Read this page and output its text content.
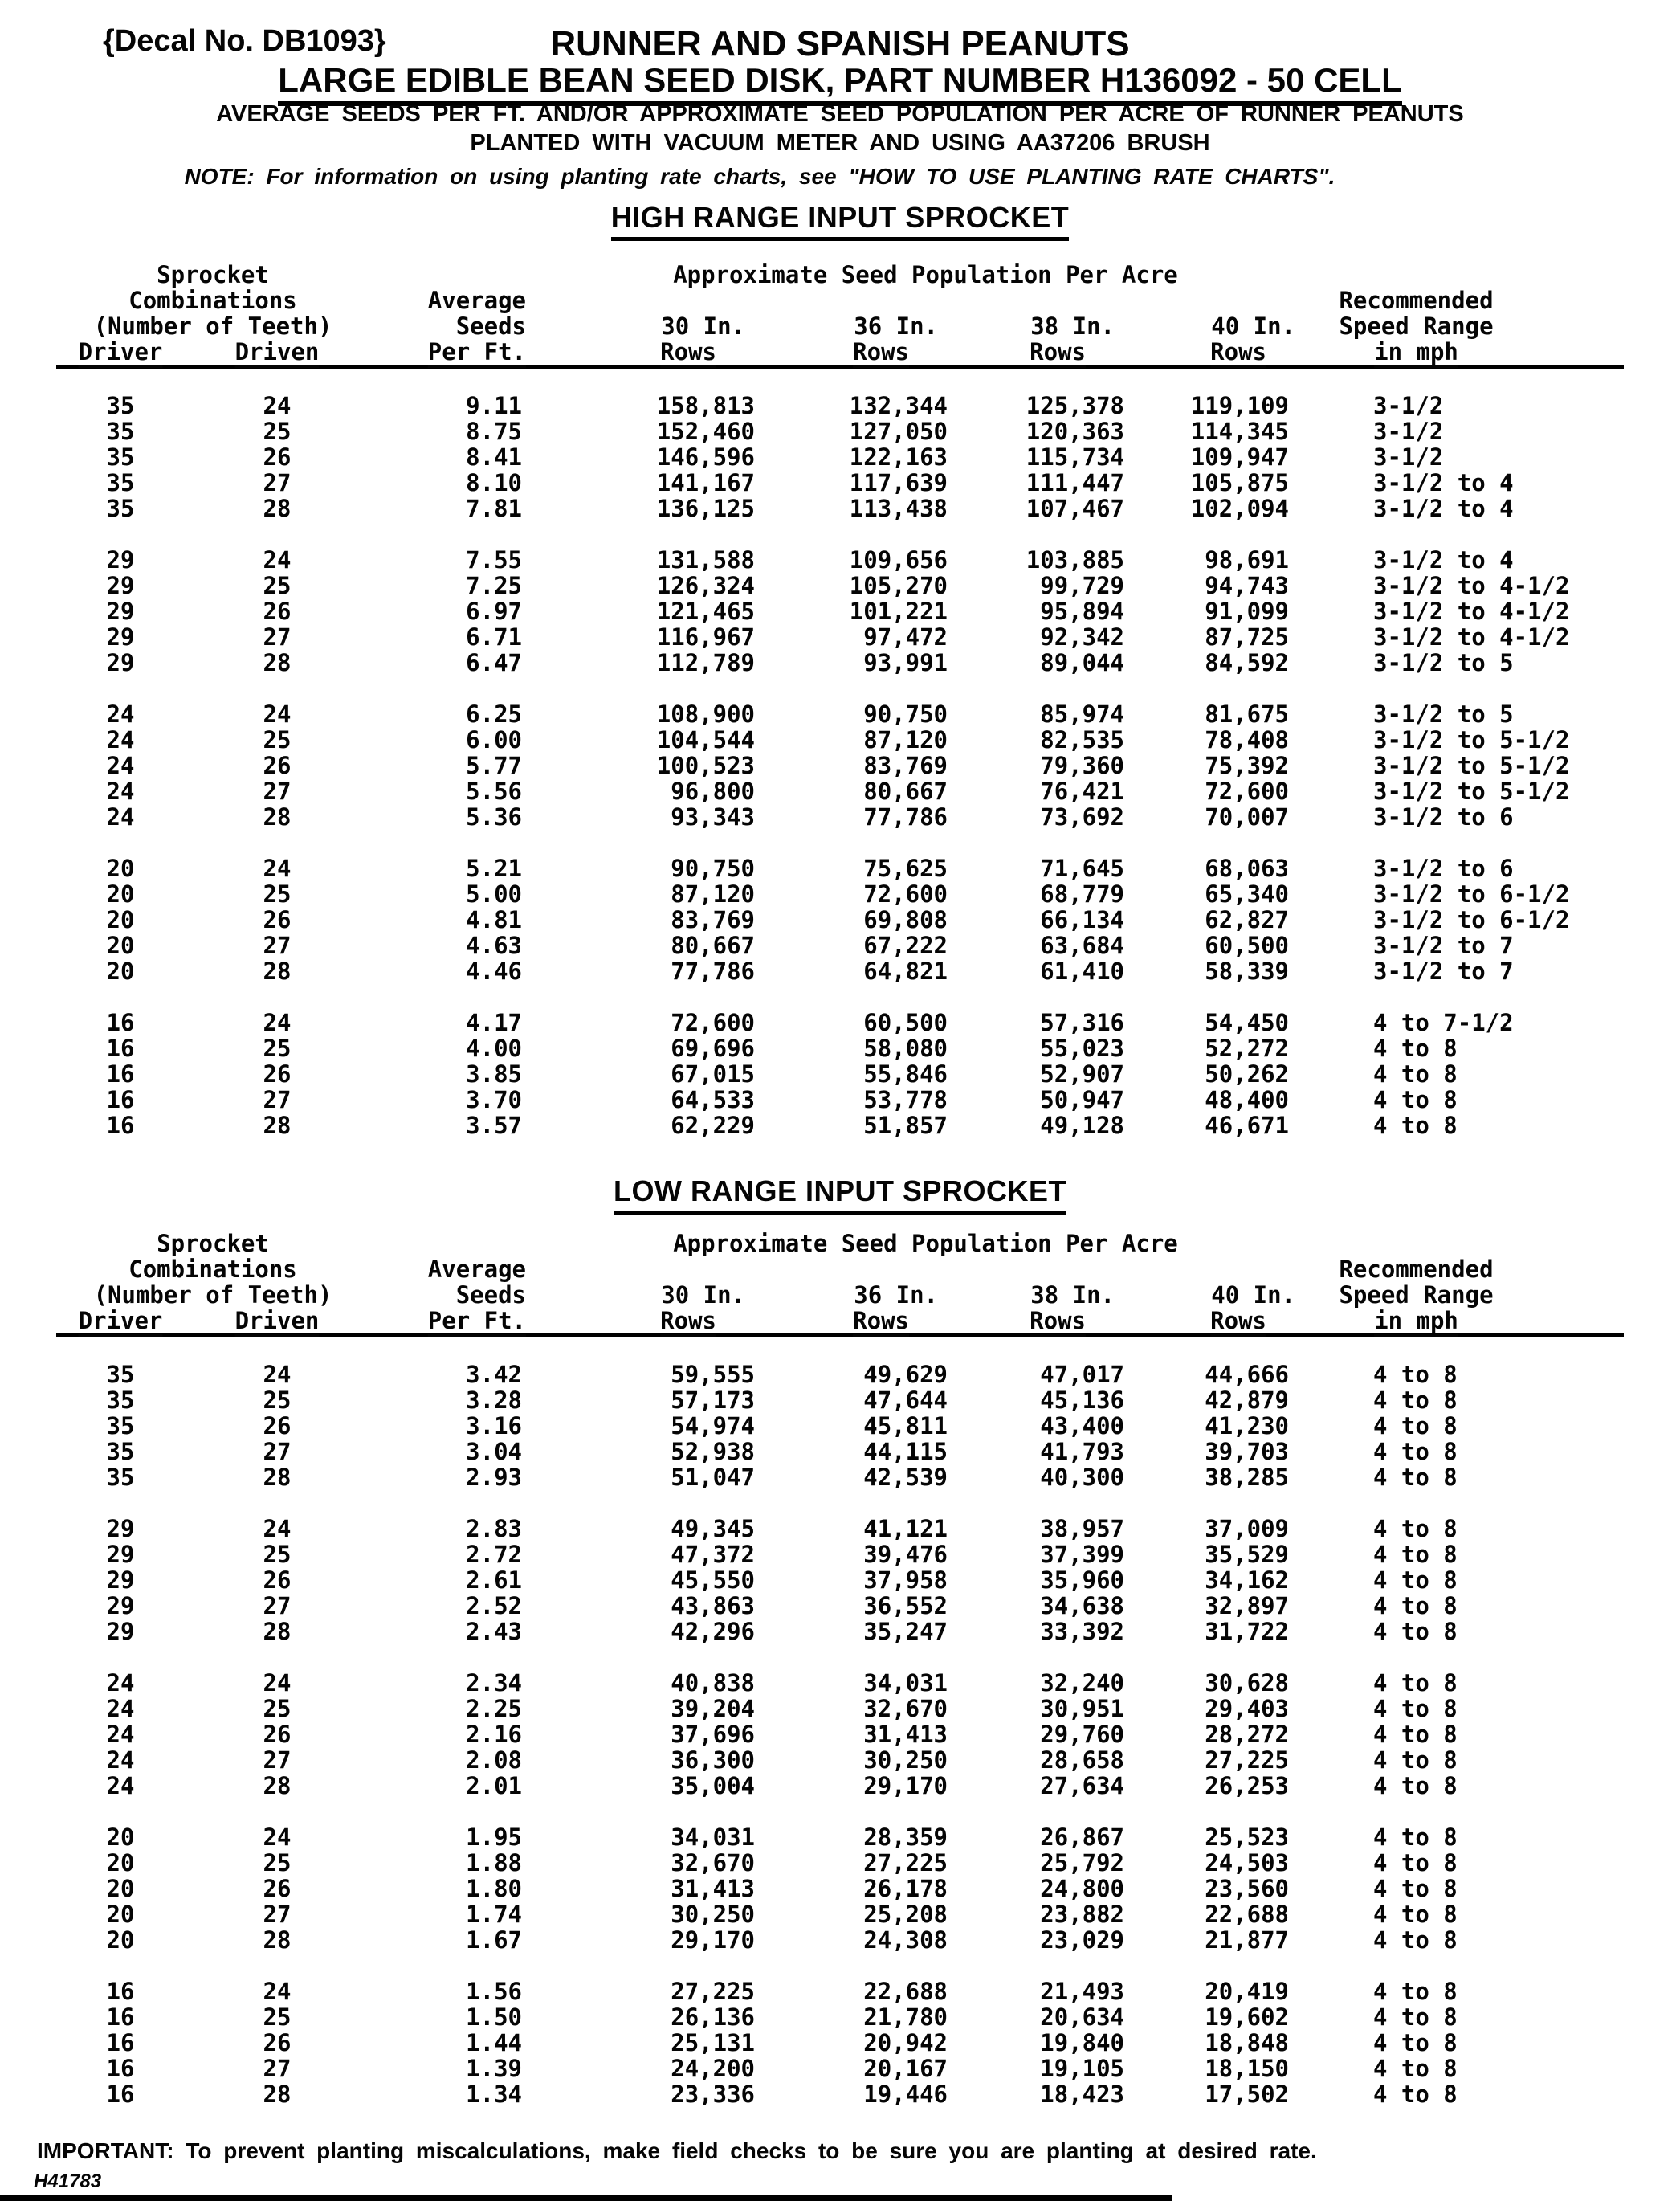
{Decal No. DB1093}	RUNNER AND SPANISH PEANUTS
LARGE EDIBLE BEAN SEED DISK, PART NUMBER H136092 - 50 CELL
AVERAGE SEEDS PER FT. AND/OR APPROXIMATE SEED POPULATION PER ACRE OF RUNNER PEANUTS
PLANTED WITH VACUUM METER AND USING AA37206 BRUSH
NOTE: For information on using planting rate charts, see "HOW TO USE PLANTING RATE CHARTS".
HIGH RANGE INPUT SPROCKET
Sprocket			Approximate Seed Population Per Acre				
Combinations		Average					Recommended
(Number of Teeth)		Seeds	30 In.	36 In.	38 In.	40 In.	Speed Range
Driver	Driven	Per Ft.	Rows	Rows	Rows	Rows	in mph
35	24	9.11	158,813	132,344	125,378	119,109	3-1/2
35	25	8.75	152,460	127,050	120,363	114,345	3-1/2
35	26	8.41	146,596	122,163	115,734	109,947	3-1/2
35	27	8.10	141,167	117,639	111,447	105,875	3-1/2 to 4
35	28	7.81	136,125	113,438	107,467	102,094	3-1/2 to 4

29	24	7.55	131,588	109,656	103,885	98,691	3-1/2 to 4
29	25	7.25	126,324	105,270	99,729	94,743	3-1/2 to 4-1/2
29	26	6.97	121,465	101,221	95,894	91,099	3-1/2 to 4-1/2
29	27	6.71	116,967	97,472	92,342	87,725	3-1/2 to 4-1/2
29	28	6.47	112,789	93,991	89,044	84,592	3-1/2 to 5

24	24	6.25	108,900	90,750	85,974	81,675	3-1/2 to 5
24	25	6.00	104,544	87,120	82,535	78,408	3-1/2 to 5-1/2
24	26	5.77	100,523	83,769	79,360	75,392	3-1/2 to 5-1/2
24	27	5.56	96,800	80,667	76,421	72,600	3-1/2 to 5-1/2
24	28	5.36	93,343	77,786	73,692	70,007	3-1/2 to 6

20	24	5.21	90,750	75,625	71,645	68,063	3-1/2 to 6
20	25	5.00	87,120	72,600	68,779	65,340	3-1/2 to 6-1/2
20	26	4.81	83,769	69,808	66,134	62,827	3-1/2 to 6-1/2
20	27	4.63	80,667	67,222	63,684	60,500	3-1/2 to 7
20	28	4.46	77,786	64,821	61,410	58,339	3-1/2 to 7

16	24	4.17	72,600	60,500	57,316	54,450	4 to 7-1/2
16	25	4.00	69,696	58,080	55,023	52,272	4 to 8
16	26	3.85	67,015	55,846	52,907	50,262	4 to 8
16	27	3.70	64,533	53,778	50,947	48,400	4 to 8
16	28	3.57	62,229	51,857	49,128	46,671	4 to 8
LOW RANGE INPUT SPROCKET
Sprocket			Approximate Seed Population Per Acre				
Combinations		Average					Recommended
(Number of Teeth)		Seeds	30 In.	36 In.	38 In.	40 In.	Speed Range
Driver	Driven	Per Ft.	Rows	Rows	Rows	Rows	in mph
35	24	3.42	59,555	49,629	47,017	44,666	4 to 8
35	25	3.28	57,173	47,644	45,136	42,879	4 to 8
35	26	3.16	54,974	45,811	43,400	41,230	4 to 8
35	27	3.04	52,938	44,115	41,793	39,703	4 to 8
35	28	2.93	51,047	42,539	40,300	38,285	4 to 8

29	24	2.83	49,345	41,121	38,957	37,009	4 to 8
29	25	2.72	47,372	39,476	37,399	35,529	4 to 8
29	26	2.61	45,550	37,958	35,960	34,162	4 to 8
29	27	2.52	43,863	36,552	34,638	32,897	4 to 8
29	28	2.43	42,296	35,247	33,392	31,722	4 to 8

24	24	2.34	40,838	34,031	32,240	30,628	4 to 8
24	25	2.25	39,204	32,670	30,951	29,403	4 to 8
24	26	2.16	37,696	31,413	29,760	28,272	4 to 8
24	27	2.08	36,300	30,250	28,658	27,225	4 to 8
24	28	2.01	35,004	29,170	27,634	26,253	4 to 8

20	24	1.95	34,031	28,359	26,867	25,523	4 to 8
20	25	1.88	32,670	27,225	25,792	24,503	4 to 8
20	26	1.80	31,413	26,178	24,800	23,560	4 to 8
20	27	1.74	30,250	25,208	23,882	22,688	4 to 8
20	28	1.67	29,170	24,308	23,029	21,877	4 to 8

16	24	1.56	27,225	22,688	21,493	20,419	4 to 8
16	25	1.50	26,136	21,780	20,634	19,602	4 to 8
16	26	1.44	25,131	20,942	19,840	18,848	4 to 8
16	27	1.39	24,200	20,167	19,105	18,150	4 to 8
16	28	1.34	23,336	19,446	18,423	17,502	4 to 8
IMPORTANT: To prevent planting miscalculations, make field checks to be sure you are planting at desired rate.
H41783
